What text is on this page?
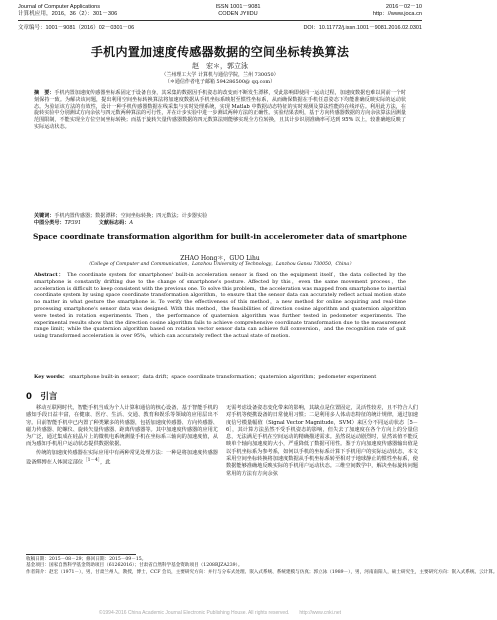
Journal of Computer Applications
计算机应用，2016，36（2）：301－306
ISSN 1001－9081
CODEN JYIIDU
2016－02－10
http：//www.joca.cn
文章编号：1001－9081（2016）02－0301－06	DOI：10.11772/j.issn.1001－9081.2016.02.0301
手机内置加速度传感器数据的空间坐标转换算法
赵　宏＊，郭立泳
（兰州理工大学 计算机与通信学院，兰州 730050）
（＊通信作者电子邮箱 594286500@ qq.com）
摘　要：手机内置加速度传感器坐标系固定于设备自身，其采集的数据因手机姿态的改变而不断发生漂移，受此影响即使同一运动过程，加速度数据也难以同前一个时刻保持一致。为解决该问题，提出利用空间坐标转换算法将加速度数据从手机坐标系映射至惯性坐标系，从而确保数据在手机任意姿态下均能准确反映实际的运动状态。为验证该方法的有效性，设计一种手机传感器数据在线采集与实时处理系统，实现 Matlab 中数据动态特征的实时观测及算法性能的在线评估。利用此方法，在旋转实验中分别测试方向余弦与四元数两种算法的可行性，并在计步实验中进一步测试两种方法的正确性。实验结果表明，基于方向传感器数据的方向余弦算法因测量范围限制，不能实现全方位空间坐标转换；而基于旋转矢量传感器数据的四元数算法则能够实现全方位转换，且其计步识别准确率可达到 95% 以上，较准确地反映了实际运动状态。
关键词：手机内置传感器；数据漂移；空间坐标转换；四元数法；计步器实验
中图分类号：TP391	文献标志码：A
Space coordinate transformation algorithm for built-in accelerometer data of smartphone
ZHAO Hong＊，GUO Lihu
（College of Computer and Communication，Lanzhou University of Technology，Lanzhou Gansu 730050，China）
Abstract： The coordinate system for smartphones' built-in acceleration sensor is fixed on the equipment itself，the data collected by the smartphone is constantly drifting due to the change of smartphone's posture. Affected by this，even the same movement process，the acceleration is difficult to keep consistent with the previous one. To solve this problem，the acceleration was mapped from smartphone to inertial coordinate system by using space coordinate transformation algorithm，to ensure that the sensor data can accurately reflect actual motion state no matter in what gesture the smartphone is. To verify the effectiveness of this method，a new method for online acquiring and real-time processing smartphone's sensor data was designed. With this method，the feasibilities of direction cosine algorithm and quaternion algorithm were tested in rotation experiments. Then，the performance of quaternion algorithm was further tested in pedometer experiments. The experimental results show that the direction cosine algorithm fails to achieve comprehensive coordinate transformation due to the measurement range limit；while the quaternion algorithm based on rotation vector sensor data can achieve full conversion，and the recognition rate of gait using transformed acceleration is over 95%，which can accurately reflect the actual state of motion.
Key words： smartphone built-in sensor；data drift；space coordinate transformation；quaternion algorithm；pedometer experiment
0　引言

移动互联网时代，智能手机当成为个人计算和通信的核心设备，基于智能手机的感知手段日益丰富，在健康、医疗、生活、交通、教育和娱乐等领域的应用层出不穷。目前智能手机中已内置了种类繁多的传感器，包括加速度传感器、方向传感器、磁力传感器、陀螺仪、旋转矢量传感器、距离传感器等。其中加速度传感器的应用尤为广泛，通过集成在硅晶片上的微机电系统测量手机在坐标系三轴向的加速度值，从而为感知手机用户运动状态提供数据依据。

传统的加速度传感器在实际应用中有两种常见处理方法：一种是将加速度传感器设备绑缚在人体固定部位［1－4］，此

无需考虑设备姿态变化带来的影响，其缺点是位置固定，灵活性较差，且不符合人们对手机等便携设备的日常使用习惯；二是利用多人体动态特征的统计规律，通过加速度信号模量幅值（Signal Vector Magnitude，SVM）来区分不同运动状态［5－6］，其计算方法虽然不受手机姿态的影响，但失去了加速度在各个方向上的分量信息，无法满足手机在空间运动的精确描述需求。虽然说运动剧烈时，显然该值不能反映单个轴向加速度的大小，严重降低了数据可用性。鉴于方向加速度传感器输出值是以手机坐标系为参考系，如何以手机的坐标系计算下手机用户的实际运动状态，本文采用空间坐标转换将加速度数据从手机坐标系转至相对于地球静止的惯性坐标系，使数据能够准确地反映实际的手机用户运动状态。三维空间数学中，解决坐标旋转问题常用的方法有方向余弦

收稿日期：2015－08－29；修回日期：2015－09－15。
基金项目：国家自然科学基金资助项目（61262016）；甘肃省自然科学基金资助项目（1208RJZA239）。
作者简介：赵宏（1971－），男，甘肃兰州人，教授，博士，CCF 会员，主要研究方向：并行与分布式处理、嵌入式系统、系统建模与仿真；郭立泳（1989－），男，河南南阳人，硕士研究生，主要研究方向：嵌入式系统、云计算。
©1994-2016 China Academic Journal Electronic Publishing House. All rights reserved.　　http://www.cnki.net
